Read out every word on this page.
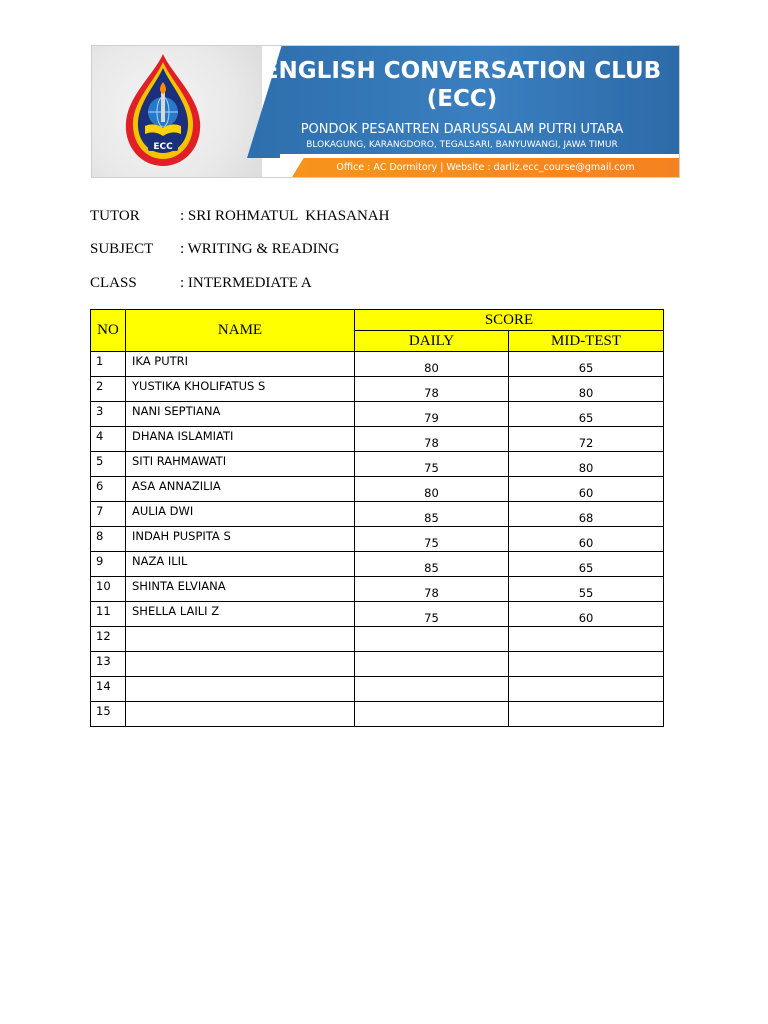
ECC
ENGLISH CONVERSATION CLUB
(ECC)
PONDOK PESANTREN DARUSSALAM PUTRI UTARA
BLOKAGUNG, KARANGDORO, TEGALSARI, BANYUWANGI, JAWA TIMUR
Office : AC Dormitory | Website : darliz.ecc_course@gmail.com
TUTOR	: SRI ROHMATUL  KHASANAH
SUBJECT : WRITING & READING
CLASS	: INTERMEDIATE A
NO	NAME	SCORE	
		DAILY	MID-TEST
1	IKA PUTRI	80	65
2	YUSTIKA KHOLIFATUS S	78	80
3	NANI SEPTIANA	79	65
4	DHANA ISLAMIATI	78	72
5	SITI RAHMAWATI	75	80
6	ASA ANNAZILIA	80	60
7	AULIA DWI	85	68
8	INDAH PUSPITA S	75	60
9	NAZA ILIL	85	65
10	SHINTA ELVIANA	78	55
11	SHELLA LAILI Z	75	60
12			
13			
14			
15			
